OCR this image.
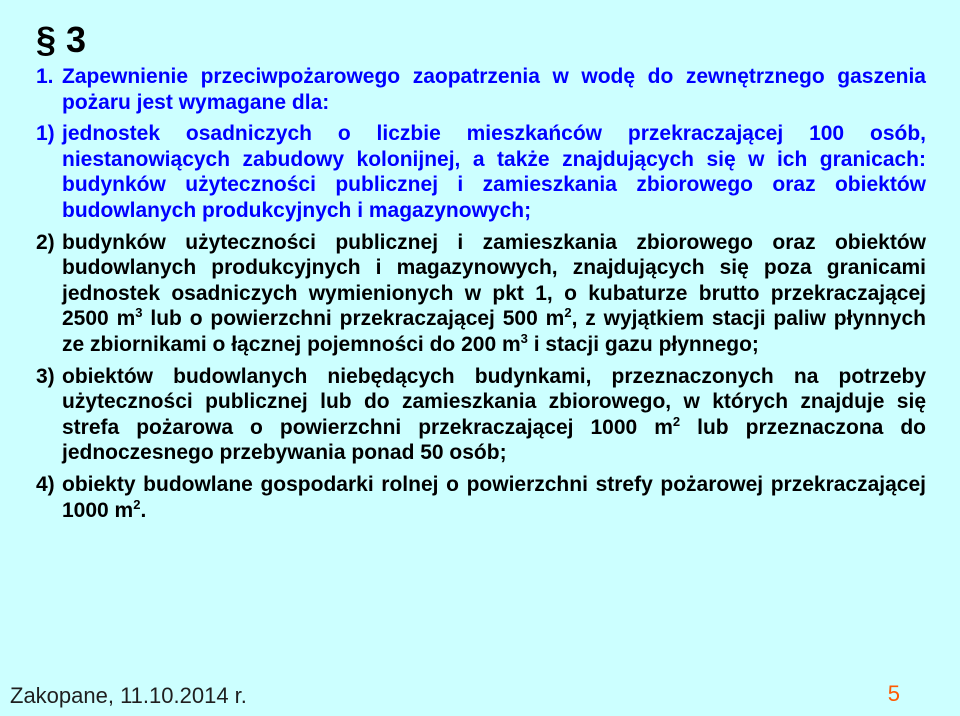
§ 3
1. Zapewnienie przeciwpożarowego zaopatrzenia w wodę do zewnętrznego gaszenia pożaru jest wymagane dla:
1) jednostek osadniczych o liczbie mieszkańców przekraczającej 100 osób, niestanowiących zabudowy kolonijnej, a także znajdujących się w ich granicach: budynków użyteczności publicznej i zamieszkania zbiorowego oraz obiektów budowlanych produkcyjnych i magazynowych;
2) budynków użyteczności publicznej i zamieszkania zbiorowego oraz obiektów budowlanych produkcyjnych i magazynowych, znajdujących się poza granicami jednostek osadniczych wymienionych w pkt 1, o kubaturze brutto przekraczającej 2500 $m^3$ lub o powierzchni przekraczającej 500 $m^2$, z wyjątkiem stacji paliw płynnych ze zbiornikami o łącznej pojemności do 200 $m^3$ i stacji gazu płynnego;
3) obiektów budowlanych niebędących budynkami, przeznaczonych na potrzeby użyteczności publicznej lub do zamieszkania zbiorowego, w których znajduje się strefa pożarowa o powierzchni przekraczającej 1000 $m^2$ lub przeznaczona do jednoczesnego przebywania ponad 50 osób;
4) obiekty budowlane gospodarki rolnej o powierzchni strefy pożarowej przekraczającej 1000 $m^2$.
Zakopane, 11.10.2014 r.	5
